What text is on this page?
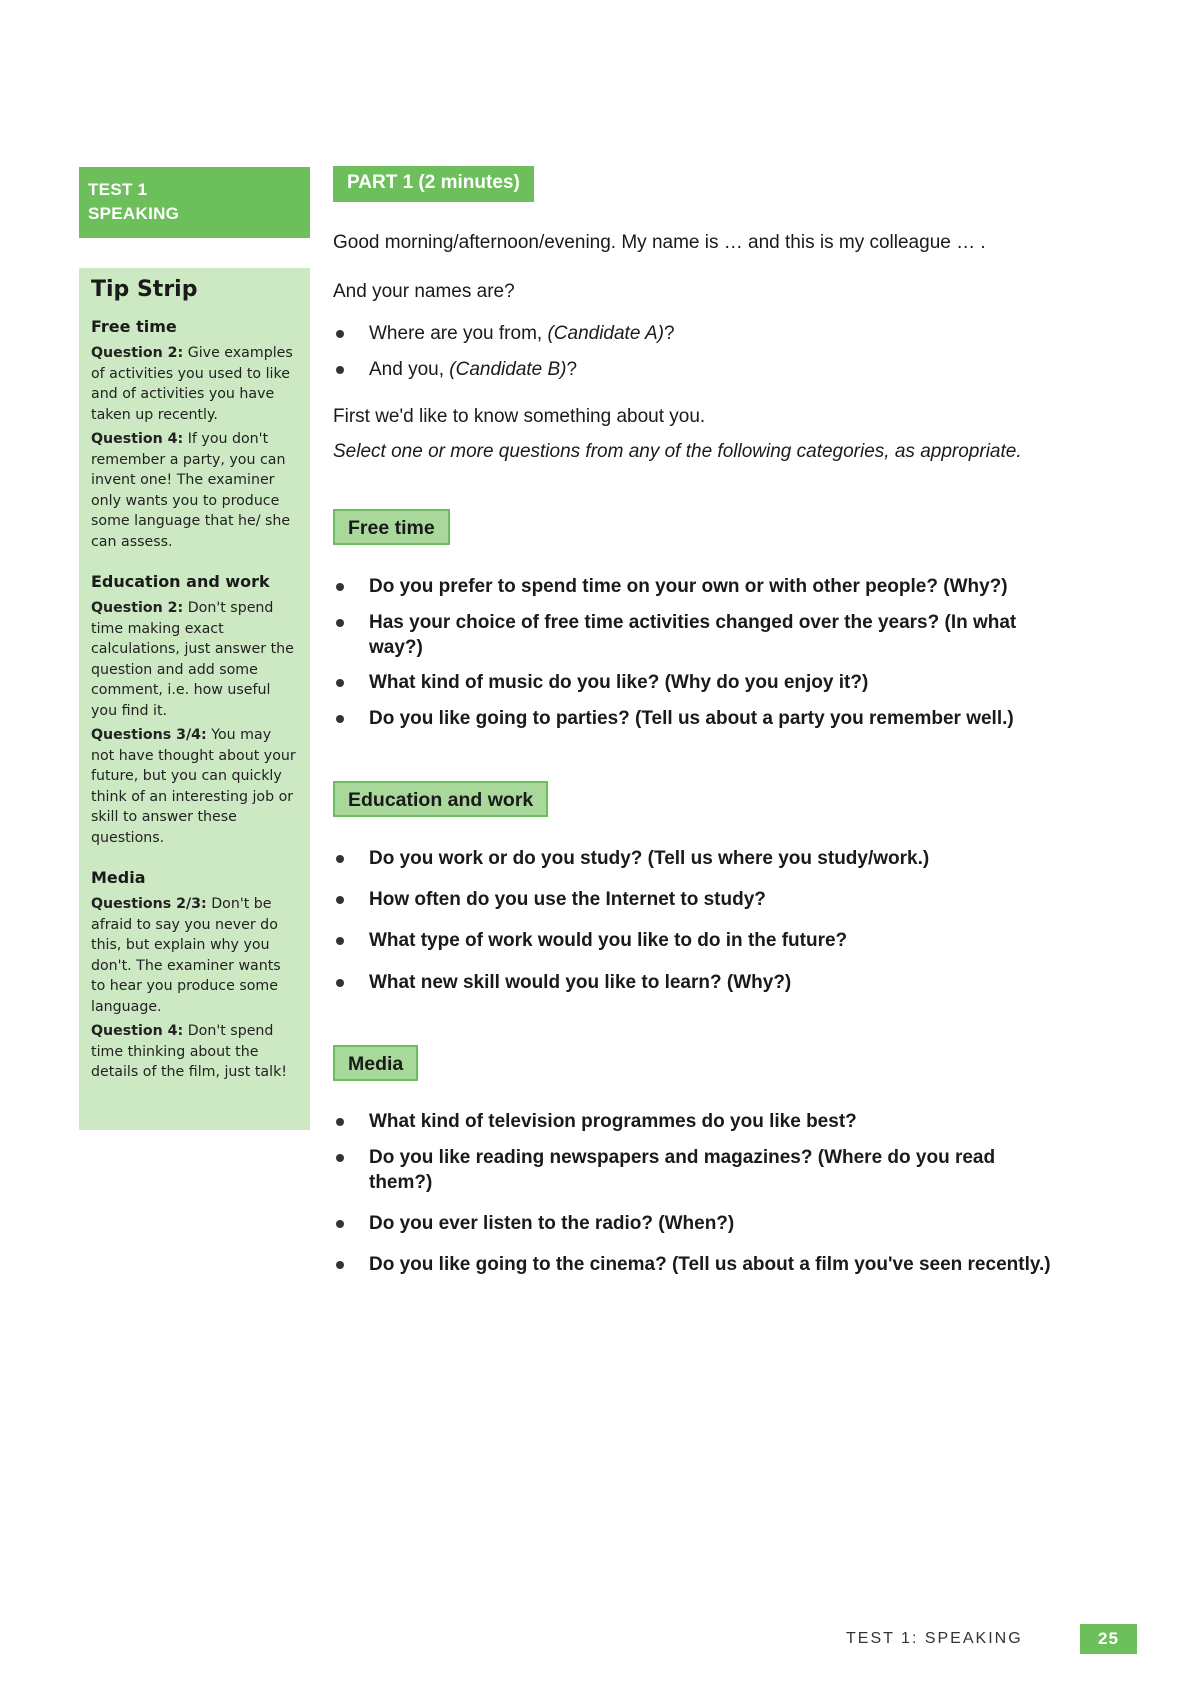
TEST 1
SPEAKING
Tip Strip
Free time
Question 2: Give examples of activities you used to like and of activities you have taken up recently.
Question 4: If you don't remember a party, you can invent one! The examiner only wants you to produce some language that he/ she can assess.
Education and work
Question 2: Don't spend time making exact calculations, just answer the question and add some comment, i.e. how useful you find it.
Questions 3/4: You may not have thought about your future, but you can quickly think of an interesting job or skill to answer these questions.
Media
Questions 2/3: Don't be afraid to say you never do this, but explain why you don't. The examiner wants to hear you produce some language.
Question 4: Don't spend time thinking about the details of the film, just talk!
PART 1 (2 minutes)
Good morning/afternoon/evening. My name is … and this is my colleague … .
And your names are?
Where are you from, (Candidate A)?
And you, (Candidate B)?
First we'd like to know something about you.
Select one or more questions from any of the following categories, as appropriate.
Free time
Do you prefer to spend time on your own or with other people? (Why?)
Has your choice of free time activities changed over the years? (In what way?)
What kind of music do you like? (Why do you enjoy it?)
Do you like going to parties? (Tell us about a party you remember well.)
Education and work
Do you work or do you study? (Tell us where you study/work.)
How often do you use the Internet to study?
What type of work would you like to do in the future?
What new skill would you like to learn? (Why?)
Media
What kind of television programmes do you like best?
Do you like reading newspapers and magazines? (Where do you read them?)
Do you ever listen to the radio? (When?)
Do you like going to the cinema? (Tell us about a film you've seen recently.)
TEST 1: SPEAKING	25
